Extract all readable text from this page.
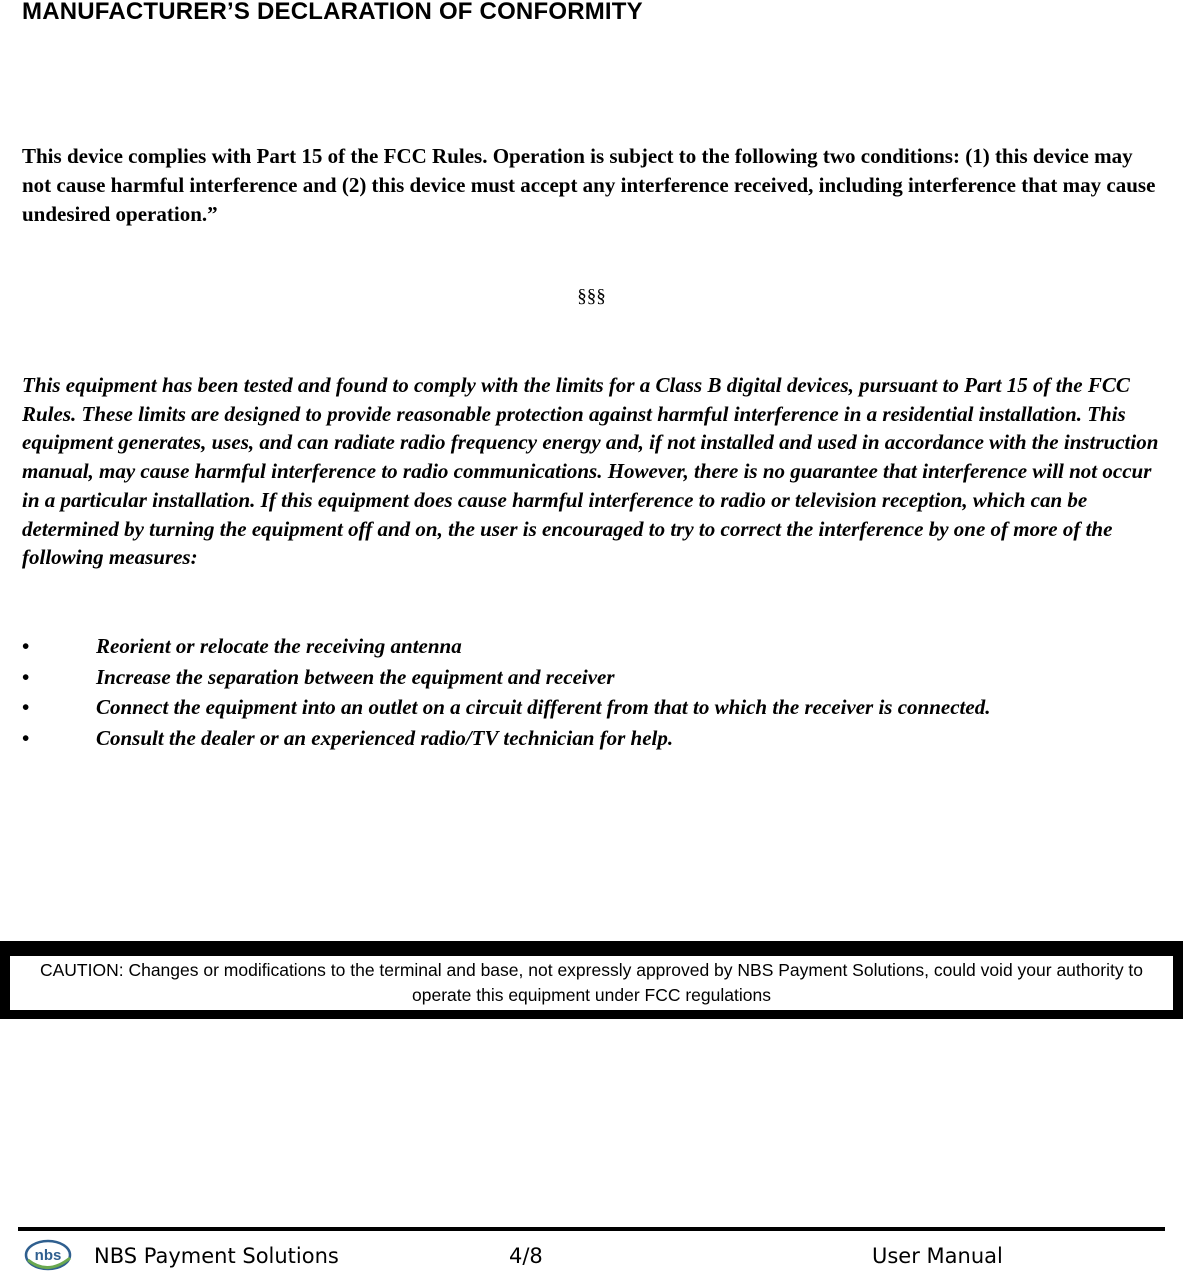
MANUFACTURER’S DECLARATION OF CONFORMITY

This device complies with Part 15 of the FCC Rules. Operation is subject to the following two conditions: (1) this device may not cause harmful interference and (2) this device must accept any interference received, including interference that may cause undesired operation.”

§§§

This equipment has been tested and found to comply with the limits for a Class B digital devices, pursuant to Part 15 of the FCC Rules. These limits are designed to provide reasonable protection against harmful interference in a residential installation. This equipment generates, uses, and can radiate radio frequency energy and, if not installed and used in accordance with the instruction manual, may cause harmful interference to radio communications. However, there is no guarantee that interference will not occur in a particular installation. If this equipment does cause harmful interference to radio or television reception, which can be determined by turning the equipment off and on, the user is encouraged to try to correct the interference by one of more of the following measures:

•	Reorient or relocate the receiving antenna
•	Increase the separation between the equipment and receiver
•	Connect the equipment into an outlet on a circuit different from that to which the receiver is connected.
•	Consult the dealer or an experienced radio/TV technician for help.
CAUTION: Changes or modifications to the terminal and base, not expressly approved by NBS Payment Solutions, could void your authority to operate this equipment under FCC regulations
nbs NBS Payment Solutions	4/8	User Manual
